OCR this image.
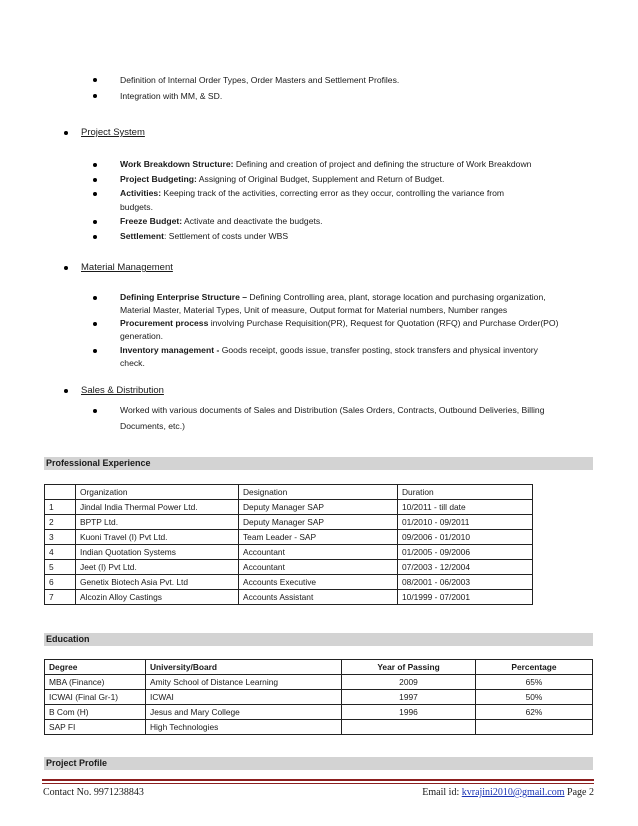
Definition of Internal Order Types, Order Masters and Settlement Profiles.
Integration with MM, & SD.
Project System
Work Breakdown Structure: Defining and creation of project and defining the structure of Work Breakdown
Project Budgeting: Assigning of Original Budget, Supplement and Return of Budget.
Activities: Keeping track of the activities, correcting error as they occur, controlling the variance from
budgets.
Freeze Budget: Activate and deactivate the budgets.
Settlement: Settlement of costs under WBS
Material Management
Defining Enterprise Structure – Defining Controlling area, plant, storage location and purchasing organization,
Material Master, Material Types, Unit of measure, Output format for Material numbers, Number ranges
Procurement process involving Purchase Requisition(PR), Request for Quotation (RFQ) and Purchase Order(PO)
generation.
Inventory management - Goods receipt, goods issue, transfer posting, stock transfers and physical inventory
check.
Sales & Distribution
Worked with various documents of Sales and Distribution (Sales Orders, Contracts, Outbound Deliveries, Billing
Documents, etc.)
Professional Experience
	Organization	Designation	Duration
1	Jindal India Thermal Power Ltd.	Deputy Manager SAP	10/2011 - till date
2	BPTP Ltd.	Deputy Manager SAP	01/2010 - 09/2011
3	Kuoni Travel (I) Pvt Ltd.	Team Leader - SAP	09/2006 - 01/2010
4	Indian Quotation Systems	Accountant	01/2005 - 09/2006
5	Jeet (I) Pvt Ltd.	Accountant	07/2003 - 12/2004
6	Genetix Biotech Asia Pvt. Ltd	Accounts Executive	08/2001 - 06/2003
7	Alcozin Alloy Castings	Accounts Assistant	10/1999 - 07/2001
Education
Degree	University/Board	Year of Passing	Percentage
MBA (Finance)	Amity School of Distance Learning	2009	65%
ICWAI (Final Gr-1)	ICWAI	1997	50%
B Com (H)	Jesus and Mary College	1996	62%
SAP FI	High Technologies		
Project Profile
Contact No. 9971238843	Email id: kvrajini2010@gmail.com Page 2
